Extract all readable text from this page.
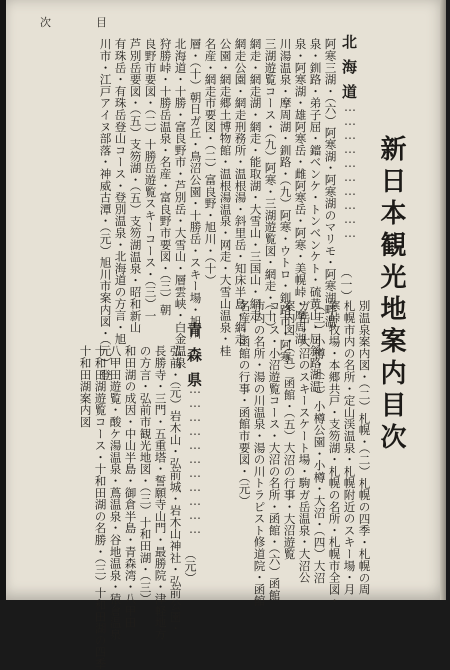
目
次
新日本観光地案内目次
別温泉案内図・（二）札幌・（二）札幌の四季・札幌の周
札幌市内の名所・定山渓温泉・札幌附近のスキー場・月
寒峠牧場・本郷共戸・支笏湖・札幌の名所・札幌市全図・
（三）小樽・（三）小樽公園・小樽・大沼・（四）大沼
ガ岳・大沼のスキースケート場・駒ガ岳温泉・大沼公
案内図・（五）函館・（五）大沼の行事・大沼遊覧
コース・小沼遊覧コース・大沼の名所・函館・（六）函館
市内の名所・湯の川温泉・湯の川トラピスト修道院・函館
名産・函館の行事・函館市要図・（元）
北海道
…………………………
（一）
阿寒三湖・（六）阿寒湖・阿寒湖のマリモ・阿寒湖畔温
泉・釧路・弟子屈・鐺ベンケ・トンベンケト・硫黄山・屈斜路湖温
泉・阿寒湖・雄阿寒岳・雌阿寒岳・阿寒・美幌峠・摩周湖
川湯温泉・摩周湖・釧路・（九）阿寒・ウトロ・釧路市・阿寒
三湖遊覧コース・（九）阿寒・三湖遊覧図・網走・（十）
網走・網走湖・網走・能取湖・大雪山・三国山・網走
網走公園・網走刑務所・温根湯・斜里岳・知床半島・網走
公園・網走郷土博物館・温根湯温泉・网走・大雪山温泉・桂
名産・網走市要図・（二）富良野・旭川・（十）
層・（十）朝日ガ丘・鳥沼公園・十勝岳・スキー場・旭川
北海道・十勝・富良野市・芦別岳・大雪山・層雲峡・白金温泉
狩勝峠・十勝岳温泉・名産・富良野市要図・（三）朝
良野市要図・（二）十勝岳遊覧スキーコース・（三）一
芦別岳要図・（五）支笏湖・（五）支笏湖温泉・昭和新山
有珠岳・有珠岳登山コース・登別温泉・北海道の方言・旭
川市・江戸アイヌ部落・神威古潭・（元）旭川市案内図・（元）登	青森県
……………………………
（元）
弘前・（元）岩木山・弘前城・岩木山神社・弘前公園・
長勝寺・三門・五重塔・誓願寺山門・最勝院・津軽地方
の方言・弘前市観光地図・（三）十和田湖・（三）
和田湖の成因・中山半島・御倉半島・青森湾・八甲田
八甲田遊覧・酸ケ湯温泉・蔦温泉・谷地温泉・猿倉温泉
十和田湖遊覧コース・十和田湖の名勝・（三）十和田湖の四季
十和田湖案内図
